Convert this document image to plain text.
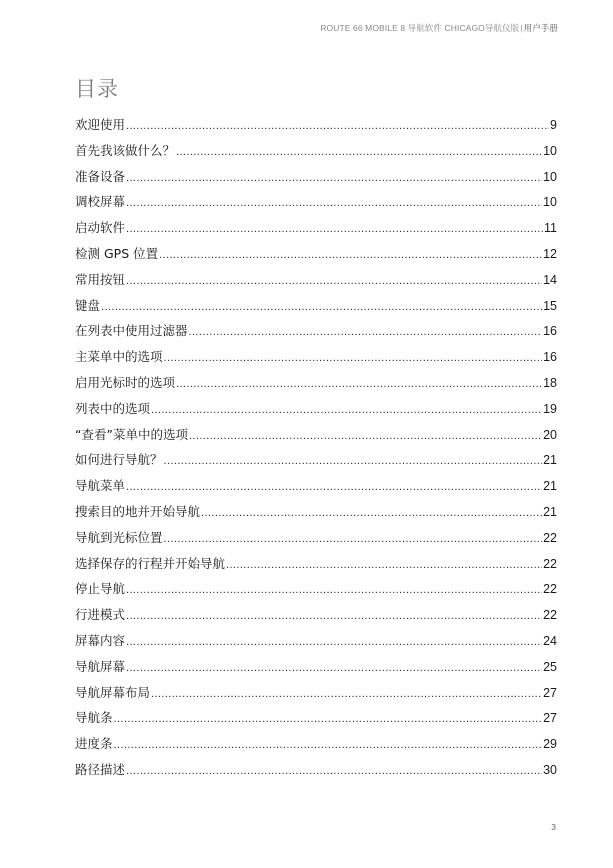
ROUTE 66 MOBILE 8 导航软件 CHICAGO导航仪版|用户手册
目录
欢迎使用 .....	9
首先我该做什么？ .....	10
准备设备 .....	10
调校屏幕 .....	10
启动软件 .....	11
检测 GPS 位置 .....	12
常用按钮 .....	14
键盘 .....	15
在列表中使用过滤器 .....	16
主菜单中的选项 .....	16
启用光标时的选项 .....	18
列表中的选项 .....	19
“查看”菜单中的选项 .....	20
如何进行导航？ .....	21
导航菜单 .....	21
搜索目的地并开始导航 .....	21
导航到光标位置 .....	22
选择保存的行程并开始导航 .....	22
停止导航 .....	22
行进模式 .....	22
屏幕内容 .....	24
导航屏幕 .....	25
导航屏幕布局 .....	27
导航条 .....	27
进度条 .....	29
路径描述 .....	30
3
